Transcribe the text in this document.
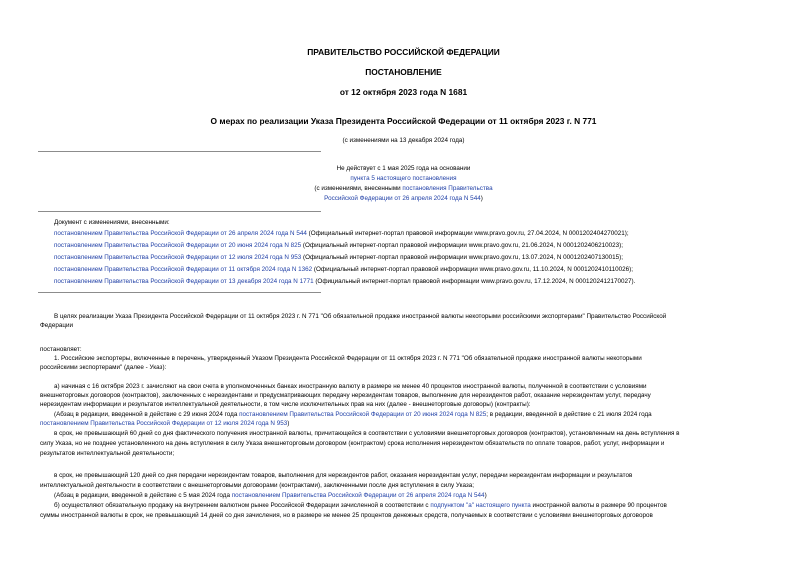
ПРАВИТЕЛЬСТВО РОССИЙСКОЙ ФЕДЕРАЦИИ
ПОСТАНОВЛЕНИЕ
от 12 октября 2023 года N 1681
О мерах по реализации Указа Президента Российской Федерации от 11 октября 2023 г. N 771
(с изменениями на 13 декабря 2024 года)
Не действует с 1 мая 2025 года на основании
пункта 5 настоящего постановления
(с изменениями, внесенными постановления Правительства
Российской Федерации от 26 апреля 2024 года N 544)
Документ с изменениями, внесенными:
постановлением Правительства Российской Федерации от 26 апреля 2024 года N 544 (Официальный интернет-портал правовой информации www.pravo.gov.ru, 27.04.2024, N 0001202404270021);
постановлением Правительства Российской Федерации от 20 июня 2024 года N 825 (Официальный интернет-портал правовой информации www.pravo.gov.ru, 21.06.2024, N 0001202406210023);
постановлением Правительства Российской Федерации от 12 июля 2024 года N 953 (Официальный интернет-портал правовой информации www.pravo.gov.ru, 13.07.2024, N 0001202407130015);
постановлением Правительства Российской Федерации от 11 октября 2024 года N 1362 (Официальный интернет-портал правовой информации www.pravo.gov.ru, 11.10.2024, N 0001202410110026);
постановлением Правительства Российской Федерации от 13 декабря 2024 года N 1771 (Официальный интернет-портал правовой информации www.pravo.gov.ru, 17.12.2024, N 0001202412170027).
В целях реализации Указа Президента Российской Федерации от 11 октября 2023 г. N 771 "Об обязательной продаже иностранной валюты некоторыми российскими экспортерами" Правительство Российской
Федерации
постановляет:
1. Российские экспортеры, включенные в перечень, утвержденный Указом Президента Российской Федерации от 11 октября 2023 г. N 771 "Об обязательной продаже иностранной валюты некоторыми
российскими экспортерами" (далее - Указ):
а) начиная с 16 октября 2023 г. зачисляют на свои счета в уполномоченных банках иностранную валюту в размере не менее 40 процентов иностранной валюты, полученной в соответствии с условиями
внешнеторговых договоров (контрактов), заключенных с нерезидентами и предусматривающих передачу нерезидентам товаров, выполнение для нерезидентов работ, оказание нерезидентам услуг, передачу
нерезидентам информации и результатов интеллектуальной деятельности, в том числе исключительных прав на них (далее - внешнеторговые договоры) (контракты):
(Абзац в редакции, введенной в действие с 29 июня 2024 года постановлением Правительства Российской Федерации от 20 июня 2024 года N 825; в редакции, введенной в действие с 21 июля 2024 года
постановлением Правительства Российской Федерации от 12 июля 2024 года N 953)
в срок, не превышающий 60 дней со дня фактического получения иностранной валюты, причитающейся в соответствии с условиями внешнеторговых договоров (контрактов), установленным на день вступления в
силу Указа, но не позднее установленного на день вступления в силу Указа внешнеторговым договором (контрактом) срока исполнения нерезидентом обязательств по оплате товаров, работ, услуг, информации и
результатов интеллектуальной деятельности;
в срок, не превышающий 120 дней со дня передачи нерезидентам товаров, выполнения для нерезидентов работ, оказания нерезидентам услуг, передачи нерезидентам информации и результатов
интеллектуальной деятельности в соответствии с внешнеторговыми договорами (контрактами), заключенными после дня вступления в силу Указа;
(Абзац в редакции, введенной в действие с 5 мая 2024 года постановлением Правительства Российской Федерации от 26 апреля 2024 года N 544)
б) осуществляют обязательную продажу на внутреннем валютном рынке Российской Федерации зачисленной в соответствии с подпунктом "а" настоящего пункта иностранной валюты в размере 90 процентов
суммы иностранной валюты в срок, не превышающий 14 дней со дня зачисления, но в размере не менее 25 процентов денежных средств, получаемых в соответствии с условиями внешнеторговых договоров
